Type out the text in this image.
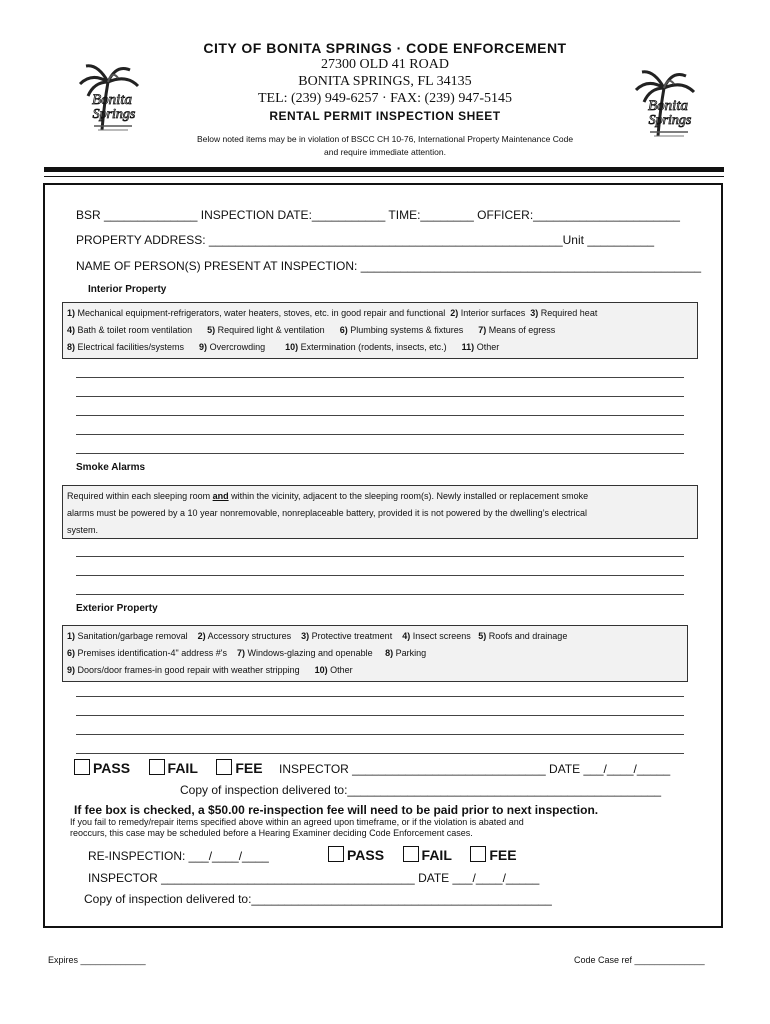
CITY OF BONITA SPRINGS · CODE ENFORCEMENT
27300 OLD 41 ROAD
BONITA SPRINGS, FL 34135
TEL: (239) 949-6257 · FAX: (239) 947-5145
RENTAL PERMIT INSPECTION SHEET
Bonita
Springs
Bonita
Springs
Below noted items may be in violation of BSCC CH 10-76, International Property Maintenance Code
and require immediate attention.
BSR ______________ INSPECTION DATE:___________ TIME:________ OFFICER:______________________
PROPERTY ADDRESS: _____________________________________________________Unit __________
NAME OF PERSON(S) PRESENT AT INSPECTION: ___________________________________________________
Interior Property
1) Mechanical equipment-refrigerators, water heaters, stoves, etc. in good repair and functional  2) Interior surfaces  3) Required heat
4) Bath & toilet room ventilation      5) Required light & ventilation      6) Plumbing systems & fixtures      7) Means of egress
8) Electrical facilities/systems      9) Overcrowding        10) Extermination (rodents, insects, etc.)      11) Other
Smoke Alarms
Required within each sleeping room and within the vicinity, adjacent to the sleeping room(s). Newly installed or replacement smoke
alarms must be powered by a 10 year nonremovable, nonreplaceable battery, provided it is not powered by the dwelling’s electrical
system.
Exterior Property
1) Sanitation/garbage removal    2) Accessory structures    3) Protective treatment    4) Insect screens   5) Roofs and drainage
6) Premises identification-4" address #'s    7) Windows-glazing and openable     8) Parking
9) Doors/door frames-in good repair with weather stripping      10) Other
PASS	FAIL	FEE INSPECTOR _____________________________ DATE ___/____/_____
Copy of inspection delivered to:_______________________________________________
If fee box is checked, a $50.00 re-inspection fee will need to be paid prior to next inspection.
If you fail to remedy/repair items specified above within an agreed upon timeframe, or if the violation is abated and
reoccurs, this case may be scheduled before a Hearing Examiner deciding Code Enforcement cases.
RE-INSPECTION: ___/____/____	PASS	FAIL	FEE
INSPECTOR ______________________________________ DATE ___/____/_____
Copy of inspection delivered to:_____________________________________________
Expires _____________	Code Case ref ______________
